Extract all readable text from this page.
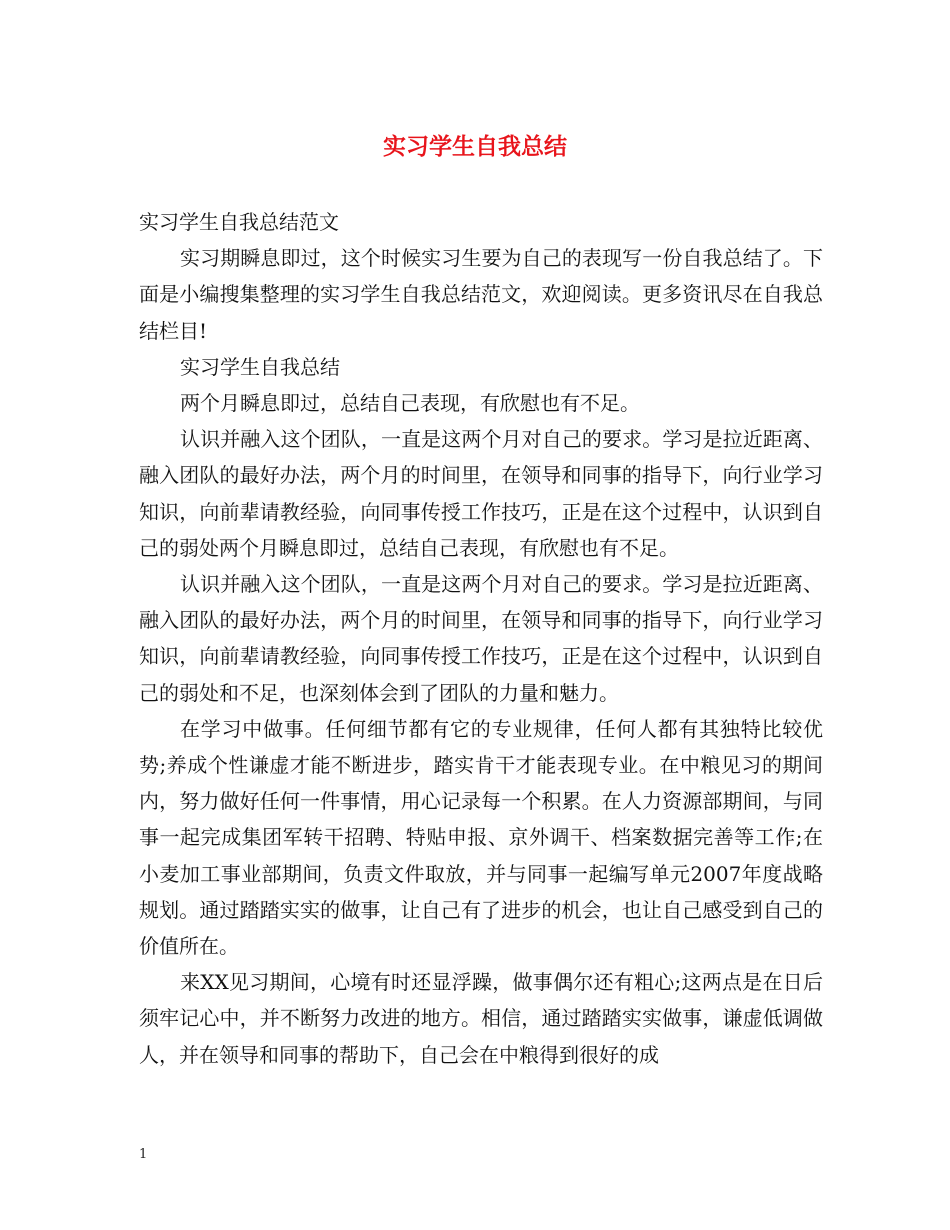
实习学生自我总结

实习学生自我总结范文

实习期瞬息即过，这个时候实习生要为自己的表现写一份自我总结了。下面是小编搜集整理的实习学生自我总结范文，欢迎阅读。更多资讯尽在自我总结栏目!

实习学生自我总结

两个月瞬息即过，总结自己表现，有欣慰也有不足。

认识并融入这个团队，一直是这两个月对自己的要求。学习是拉近距离、融入团队的最好办法，两个月的时间里，在领导和同事的指导下，向行业学习知识，向前辈请教经验，向同事传授工作技巧，正是在这个过程中，认识到自己的弱处两个月瞬息即过，总结自己表现，有欣慰也有不足。

认识并融入这个团队，一直是这两个月对自己的要求。学习是拉近距离、融入团队的最好办法，两个月的时间里，在领导和同事的指导下，向行业学习知识，向前辈请教经验，向同事传授工作技巧，正是在这个过程中，认识到自己的弱处和不足，也深刻体会到了团队的力量和魅力。

在学习中做事。任何细节都有它的专业规律，任何人都有其独特比较优势;养成个性谦虚才能不断进步，踏实肯干才能表现专业。在中粮见习的期间内，努力做好任何一件事情，用心记录每一个积累。在人力资源部期间，与同事一起完成集团军转干招聘、特贴申报、京外调干、档案数据完善等工作;在小麦加工事业部期间，负责文件取放，并与同事一起编写单元2007年度战略规划。通过踏踏实实的做事，让自己有了进步的机会，也让自己感受到自己的价值所在。

来XX见习期间，心境有时还显浮躁，做事偶尔还有粗心;这两点是在日后须牢记心中，并不断努力改进的地方。相信，通过踏踏实实做事，谦虚低调做人，并在领导和同事的帮助下，自己会在中粮得到很好的成

1
